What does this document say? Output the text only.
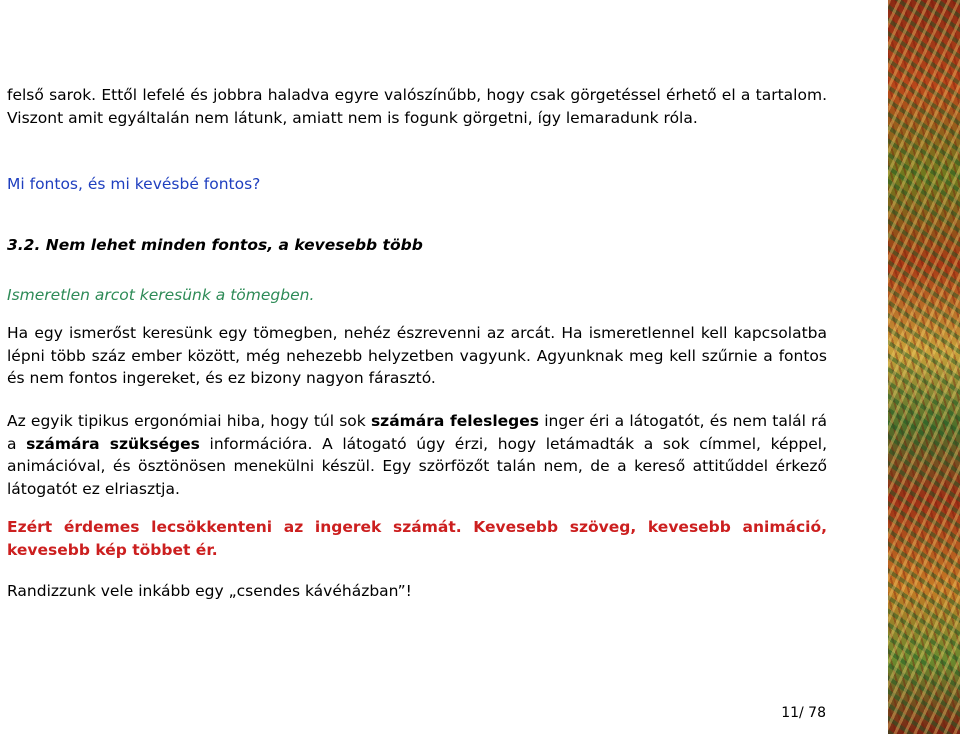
felső sarok. Ettől lefelé és jobbra haladva egyre valószínűbb, hogy csak görgetéssel érhető el a tartalom. Viszont amit egyáltalán nem látunk, amiatt nem is fogunk görgetni, így lemaradunk róla.
Mi fontos, és mi kevésbé fontos?
3.2. Nem lehet minden fontos, a kevesebb több
Ismeretlen arcot keresünk a tömegben.
Ha egy ismerőst keresünk egy tömegben, nehéz észrevenni az arcát. Ha ismeretlennel kell kapcsolatba lépni több száz ember között, még nehezebb helyzetben vagyunk. Agyunknak meg kell szűrnie a fontos és nem fontos ingereket, és ez bizony nagyon fárasztó.
Az egyik tipikus ergonómiai hiba, hogy túl sok számára felesleges inger éri a látogatót, és nem talál rá a számára szükséges információra. A látogató úgy érzi, hogy letámadták a sok címmel, képpel, animációval, és ösztönösen menekülni készül. Egy szörfözőt talán nem, de a kereső attitűddel érkező látogatót ez elriasztja.
Ezért érdemes lecsökkenteni az ingerek számát. Kevesebb szöveg, kevesebb animáció, kevesebb kép többet ér.
Randizzunk vele inkább egy „csendes kávéházban”!
11/ 78
